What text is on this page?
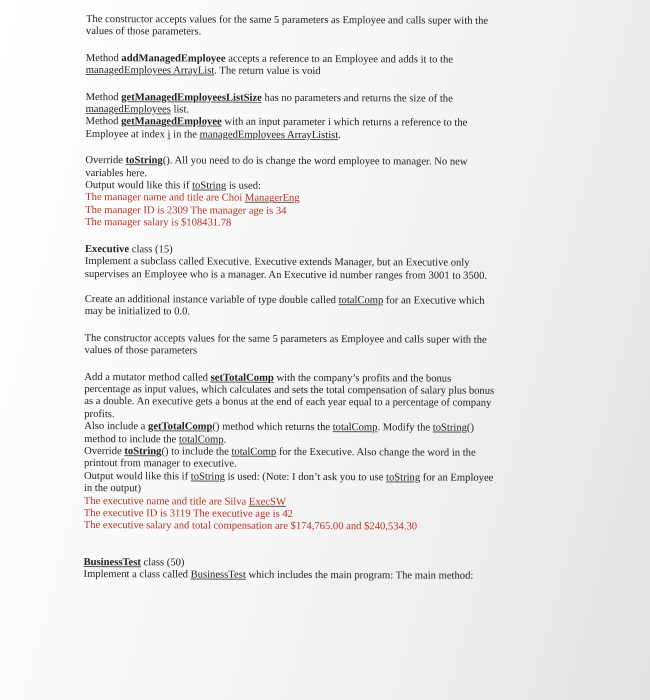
The constructor accepts values for the same 5 parameters as Employee and calls super with the
values of those parameters.

Method addManagedEmployee accepts a reference to an Employee and adds it to the
managedEmployees ArrayList. The return value is void

Method getManagedEmployeesListSize has no parameters and returns the size of the
managedEmployees list.
Method getManagedEmployee with an input parameter i which returns a reference to the
Employee at index i in the managedEmployees ArrayListist.

Override toString(). All you need to do is change the word employee to manager. No new
variables here.
Output would like this if toString is used:
The manager name and title are Choi ManagerEng
The manager ID is 2309 The manager age is 34
The manager salary is $108431.78

Executive class (15)
Implement a subclass called Executive. Executive extends Manager, but an Executive only
supervises an Employee who is a manager. An Executive id number ranges from 3001 to 3500.

Create an additional instance variable of type double called totalComp for an Executive which
may be initialized to 0.0.

The constructor accepts values for the same 5 parameters as Employee and calls super with the
values of those parameters

Add a mutator method called setTotalComp with the company’s profits and the bonus
percentage as input values, which calculates and sets the total compensation of salary plus bonus
as a double. An executive gets a bonus at the end of each year equal to a percentage of company
profits.
Also include a getTotalComp() method which returns the totalComp. Modify the toString()
method to include the totalComp.
Override toString() to include the totalComp for the Executive. Also change the word in the
printout from manager to executive.
Output would like this if toString is used: (Note: I don’t ask you to use toString for an Employee
in the output)
The executive name and title are Silva ExecSW
The executive ID is 3119 The executive age is 42
The executive salary and total compensation are $174,765.00 and $240,534.30

BusinessTest class (50)
Implement a class called BusinessTest which includes the main program: The main method:
